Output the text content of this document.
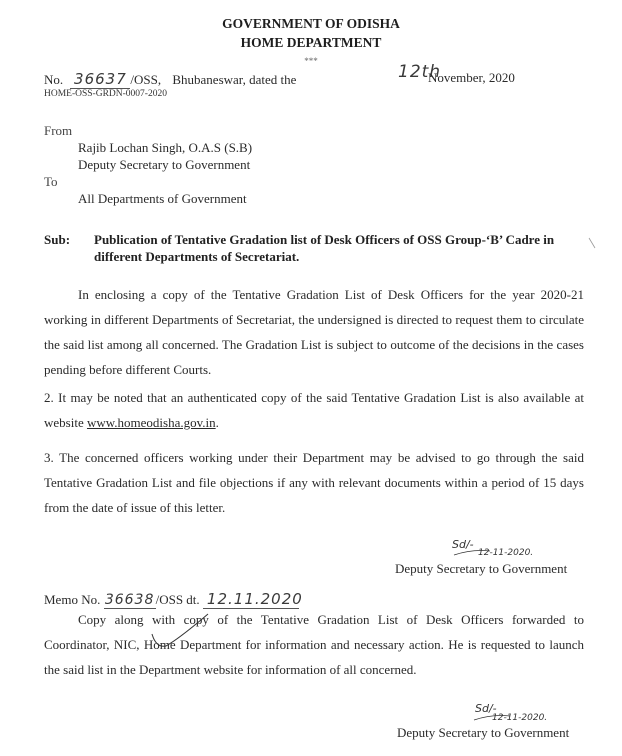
GOVERNMENT OF ODISHA
HOME DEPARTMENT
***
No. 36637 /OSS, Bhubaneswar, dated the	12th
November, 2020
HOME-OSS-GRDN-0007-2020
From
Rajib Lochan Singh, O.A.S (S.B)
Deputy Secretary to Government
To
All Departments of Government
Sub: Publication of Tentative Gradation list of Desk Officers of OSS Group-‘B’ Cadre in
different Departments of Secretariat.
In enclosing a copy of the Tentative Gradation List of Desk Officers for the year 2020-21 working in different Departments of Secretariat, the undersigned is directed to request them to circulate the said list among all concerned. The Gradation List is subject to outcome of the decisions in the cases pending before different Courts.
2. It may be noted that an authenticated copy of the said Tentative Gradation List is also available at website www.homeodisha.gov.in.
3. The concerned officers working under their Department may be advised to go through the said Tentative Gradation List and file objections if any with relevant documents within a period of 15 days from the date of issue of this letter.
Sd/-
12-11-2020.
Deputy Secretary to Government
Memo No. 36638/OSS dt. 12.11.2020
Copy along with copy of the Tentative Gradation List of Desk Officers forwarded to Coordinator, NIC, Home Department for information and necessary action. He is requested to launch the said list in the Department website for information of all concerned.
Sd/-
12-11-2020.
Deputy Secretary to Government
